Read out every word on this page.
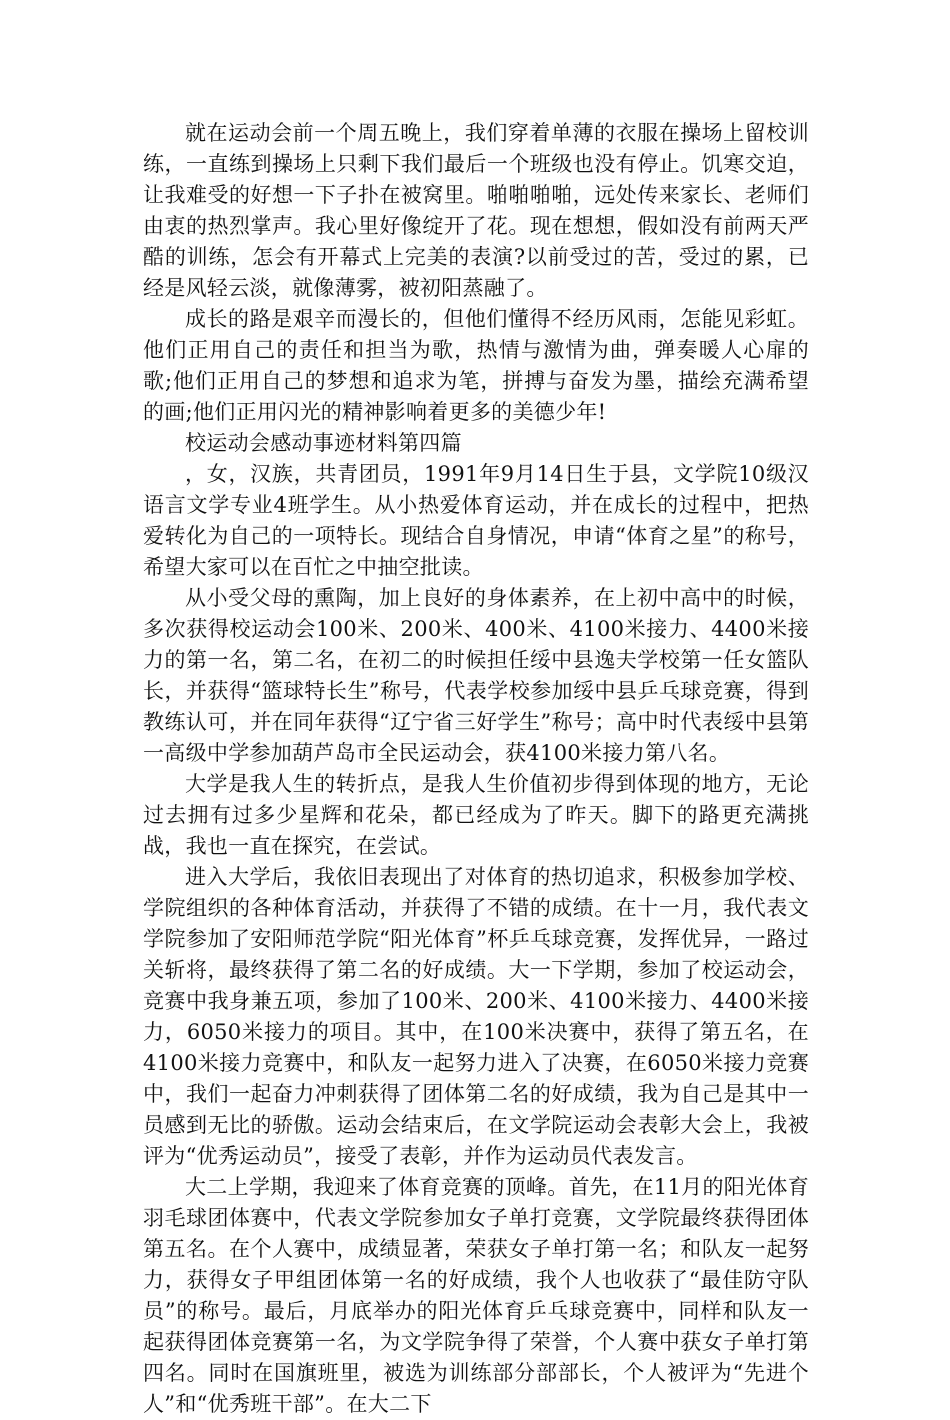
就在运动会前一个周五晚上，我们穿着单薄的衣服在操场上留校训练，一直练到操场上只剩下我们最后一个班级也没有停止。饥寒交迫，让我难受的好想一下子扑在被窝里。啪啪啪啪，远处传来家长、老师们由衷的热烈掌声。我心里好像绽开了花。现在想想，假如没有前两天严酷的训练，怎会有开幕式上完美的表演?以前受过的苦，受过的累，已经是风轻云淡，就像薄雾，被初阳蒸融了。

成长的路是艰辛而漫长的，但他们懂得不经历风雨，怎能见彩虹。他们正用自己的责任和担当为歌，热情与激情为曲，弹奏暖人心扉的歌;他们正用自己的梦想和追求为笔，拼搏与奋发为墨，描绘充满希望的画;他们正用闪光的精神影响着更多的美德少年!

校运动会感动事迹材料第四篇

，女，汉族，共青团员，1991年9月14日生于县，文学院10级汉语言文学专业4班学生。从小热爱体育运动，并在成长的过程中，把热爱转化为自己的一项特长。现结合自身情况，申请“体育之星”的称号，希望大家可以在百忙之中抽空批读。

从小受父母的熏陶，加上良好的身体素养，在上初中高中的时候，多次获得校运动会100米、200米、400米、4100米接力、4400米接力的第一名，第二名，在初二的时候担任绥中县逸夫学校第一任女篮队长，并获得“篮球特长生”称号，代表学校参加绥中县乒乓球竞赛，得到教练认可，并在同年获得“辽宁省三好学生”称号；高中时代表绥中县第一高级中学参加葫芦岛市全民运动会，获4100米接力第八名。

大学是我人生的转折点，是我人生价值初步得到体现的地方，无论过去拥有过多少星辉和花朵，都已经成为了昨天。脚下的路更充满挑战，我也一直在探究，在尝试。

进入大学后，我依旧表现出了对体育的热切追求，积极参加学校、学院组织的各种体育活动，并获得了不错的成绩。在十一月，我代表文学院参加了安阳师范学院“阳光体育”杯乒乓球竞赛，发挥优异，一路过关斩将，最终获得了第二名的好成绩。大一下学期，参加了校运动会，竞赛中我身兼五项，参加了100米、200米、4100米接力、4400米接力，6050米接力的项目。其中，在100米决赛中，获得了第五名，在4100米接力竞赛中，和队友一起努力进入了决赛，在6050米接力竞赛中，我们一起奋力冲刺获得了团体第二名的好成绩，我为自己是其中一员感到无比的骄傲。运动会结束后，在文学院运动会表彰大会上，我被评为“优秀运动员”，接受了表彰，并作为运动员代表发言。

大二上学期，我迎来了体育竞赛的顶峰。首先，在11月的阳光体育羽毛球团体赛中，代表文学院参加女子单打竞赛，文学院最终获得团体第五名。在个人赛中，成绩显著，荣获女子单打第一名；和队友一起努力，获得女子甲组团体第一名的好成绩，我个人也收获了“最佳防守队员”的称号。最后，月底举办的阳光体育乒乓球竞赛中，同样和队友一起获得团体竞赛第一名，为文学院争得了荣誉，个人赛中获女子单打第四名。同时在国旗班里，被选为训练部分部部长，个人被评为“先进个人”和“优秀班干部”。在大二下
